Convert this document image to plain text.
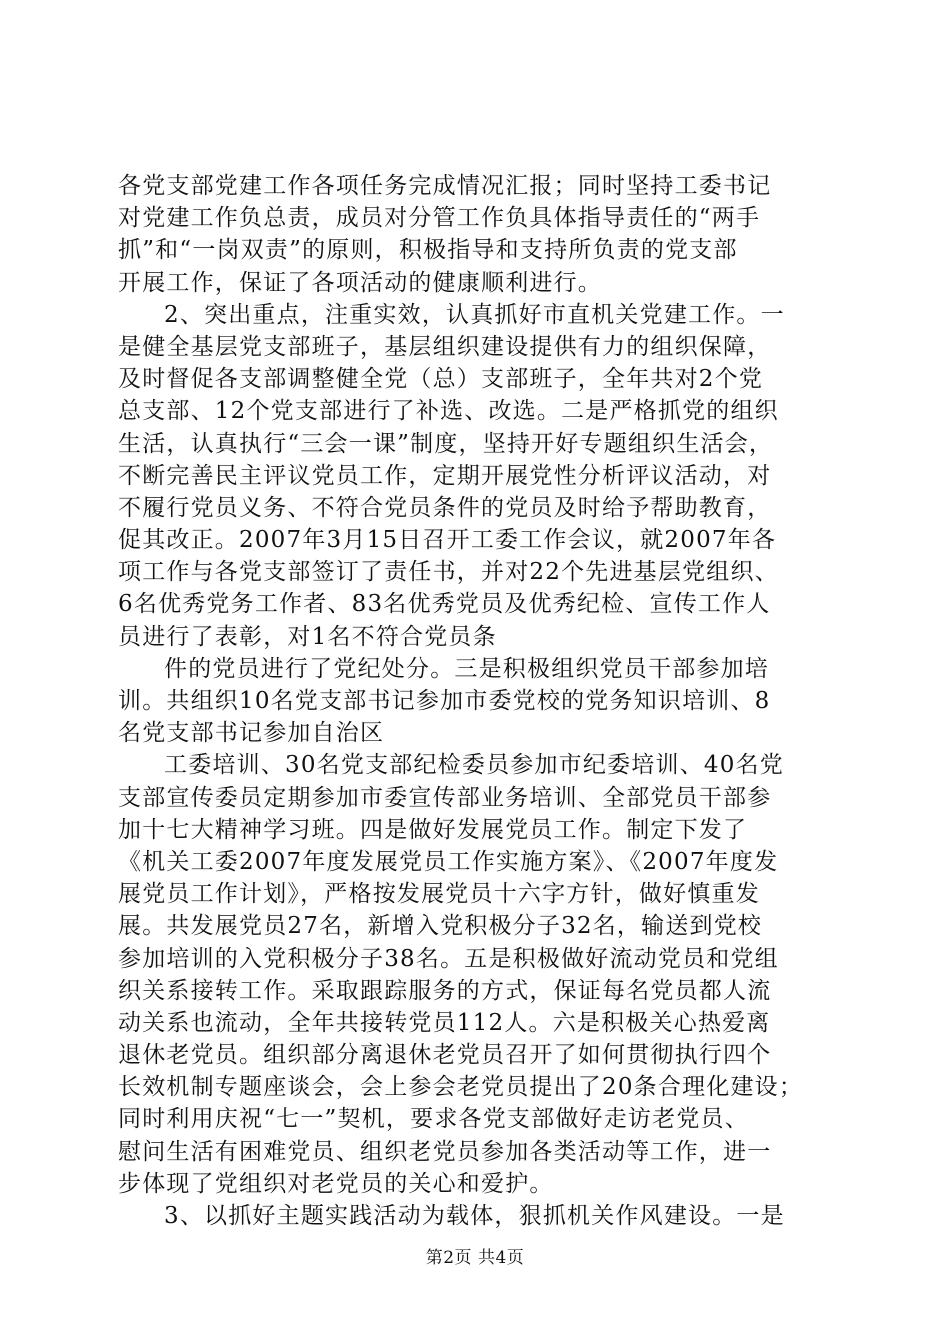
各党支部党建工作各项任务完成情况汇报；同时坚持工委书记
对党建工作负总责，成员对分管工作负具体指导责任的“两手
抓”和“一岗双责”的原则，积极指导和支持所负责的党支部
开展工作，保证了各项活动的健康顺利进行。
2、突出重点，注重实效，认真抓好市直机关党建工作。一
是健全基层党支部班子，基层组织建设提供有力的组织保障，
及时督促各支部调整健全党（总）支部班子，全年共对2个党
总支部、12个党支部进行了补选、改选。二是严格抓党的组织
生活，认真执行“三会一课”制度，坚持开好专题组织生活会，
不断完善民主评议党员工作，定期开展党性分析评议活动，对
不履行党员义务、不符合党员条件的党员及时给予帮助教育，
促其改正。2007年3月15日召开工委工作会议，就2007年各
项工作与各党支部签订了责任书，并对22个先进基层党组织、
6名优秀党务工作者、83名优秀党员及优秀纪检、宣传工作人
员进行了表彰，对1名不符合党员条
件的党员进行了党纪处分。三是积极组织党员干部参加培
训。共组织10名党支部书记参加市委党校的党务知识培训、8
名党支部书记参加自治区
工委培训、30名党支部纪检委员参加市纪委培训、40名党
支部宣传委员定期参加市委宣传部业务培训、全部党员干部参
加十七大精神学习班。四是做好发展党员工作。制定下发了
《机关工委2007年度发展党员工作实施方案》、《2007年度发
展党员工作计划》，严格按发展党员十六字方针，做好慎重发
展。共发展党员27名，新增入党积极分子32名，输送到党校
参加培训的入党积极分子38名。五是积极做好流动党员和党组
织关系接转工作。采取跟踪服务的方式，保证每名党员都人流
动关系也流动，全年共接转党员112人。六是积极关心热爱离
退休老党员。组织部分离退休老党员召开了如何贯彻执行四个
长效机制专题座谈会，会上参会老党员提出了20条合理化建设；
同时利用庆祝“七一”契机，要求各党支部做好走访老党员、
慰问生活有困难党员、组织老党员参加各类活动等工作，进一
步体现了党组织对老党员的关心和爱护。
3、以抓好主题实践活动为载体，狠抓机关作风建设。一是
第2页 共4页
